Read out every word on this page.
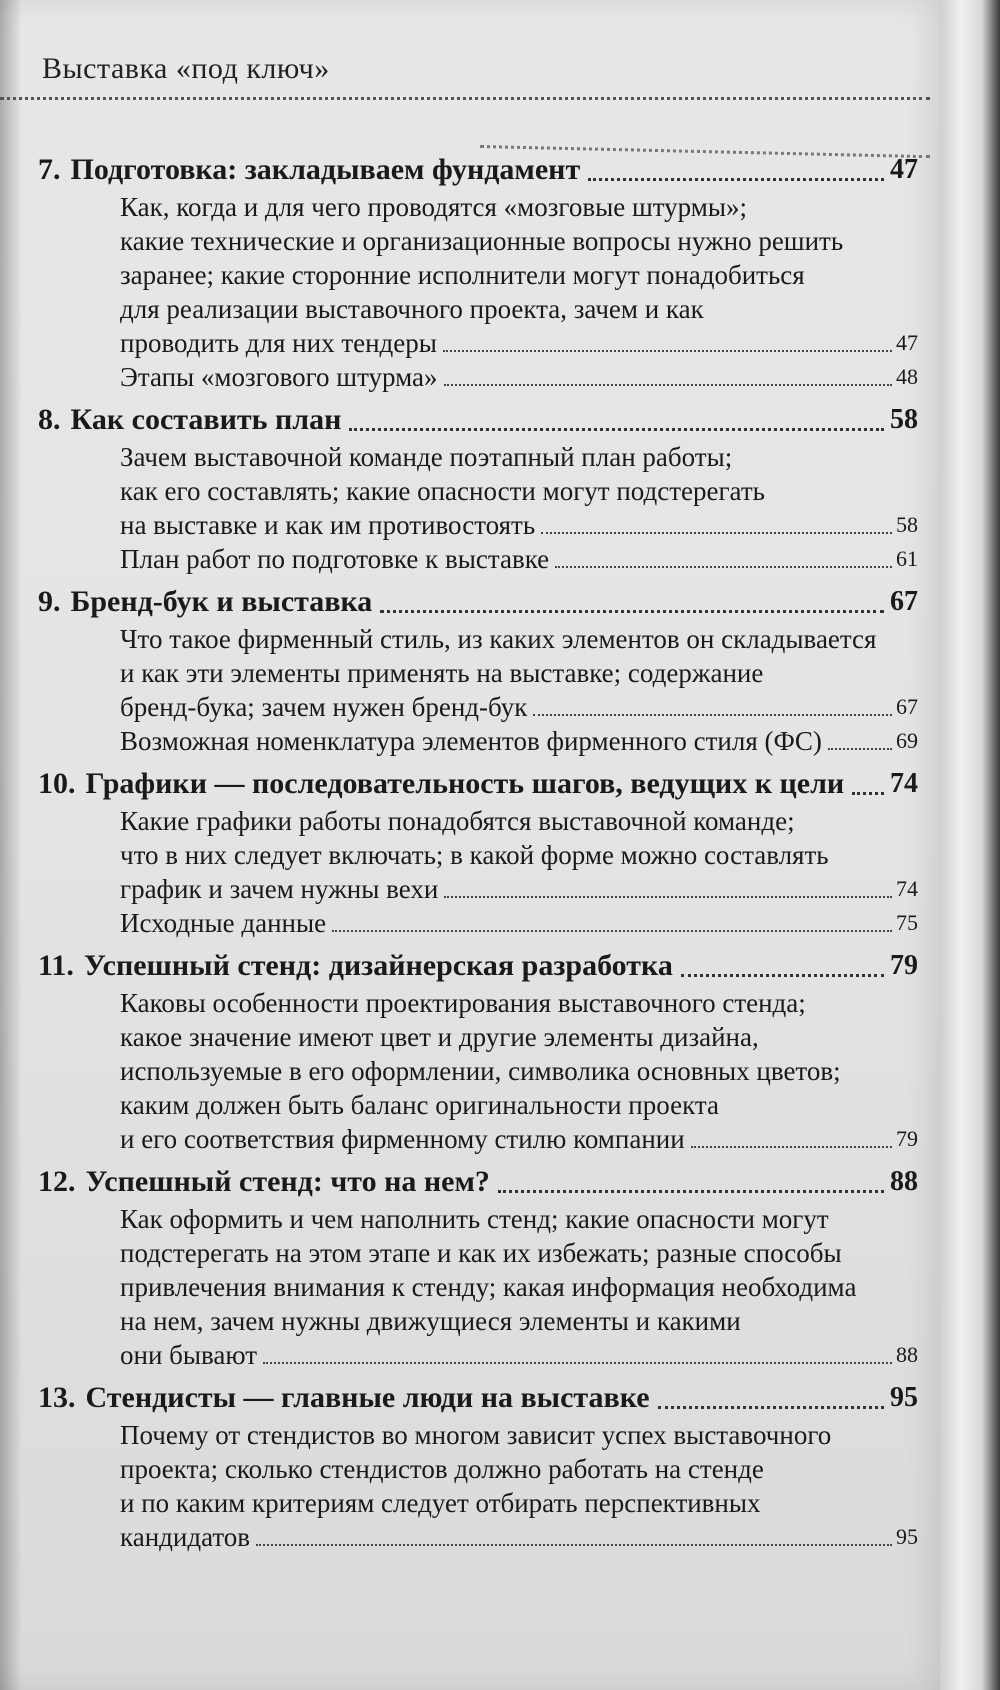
Выставка «под ключ»
7. Подготовка: закладываем фундамент	47
Как, когда и для чего проводятся «мозговые штурмы»;
какие технические и организационные вопросы нужно решить
заранее; какие сторонние исполнители могут понадобиться
для реализации выставочного проекта, зачем и как
проводить для них тендеры	47
Этапы «мозгового штурма»	48
8. Как составить план	58
Зачем выставочной команде поэтапный план работы;
как его составлять; какие опасности могут подстерегать
на выставке и как им противостоять	58
План работ по подготовке к выставке	61
9. Бренд-бук и выставка	67
Что такое фирменный стиль, из каких элементов он складывается
и как эти элементы применять на выставке; содержание
бренд-бука; зачем нужен бренд-бук	67
Возможная номенклатура элементов фирменного стиля (ФС)	69
10. Графики — последовательность шагов, ведущих к цели 74
Какие графики работы понадобятся выставочной команде;
что в них следует включать; в какой форме можно составлять
график и зачем нужны вехи	74
Исходные данные	75
11. Успешный стенд: дизайнерская разработка	79
Каковы особенности проектирования выставочного стенда;
какое значение имеют цвет и другие элементы дизайна,
используемые в его оформлении, символика основных цветов;
каким должен быть баланс оригинальности проекта
и его соответствия фирменному стилю компании	79
12. Успешный стенд: что на нем?	88
Как оформить и чем наполнить стенд; какие опасности могут
подстерегать на этом этапе и как их избежать; разные способы
привлечения внимания к стенду; какая информация необходима
на нем, зачем нужны движущиеся элементы и какими
они бывают	88
13. Стендисты — главные люди на выставке	95
Почему от стендистов во многом зависит успех выставочного
проекта; сколько стендистов должно работать на стенде
и по каким критериям следует отбирать перспективных
кандидатов	95
